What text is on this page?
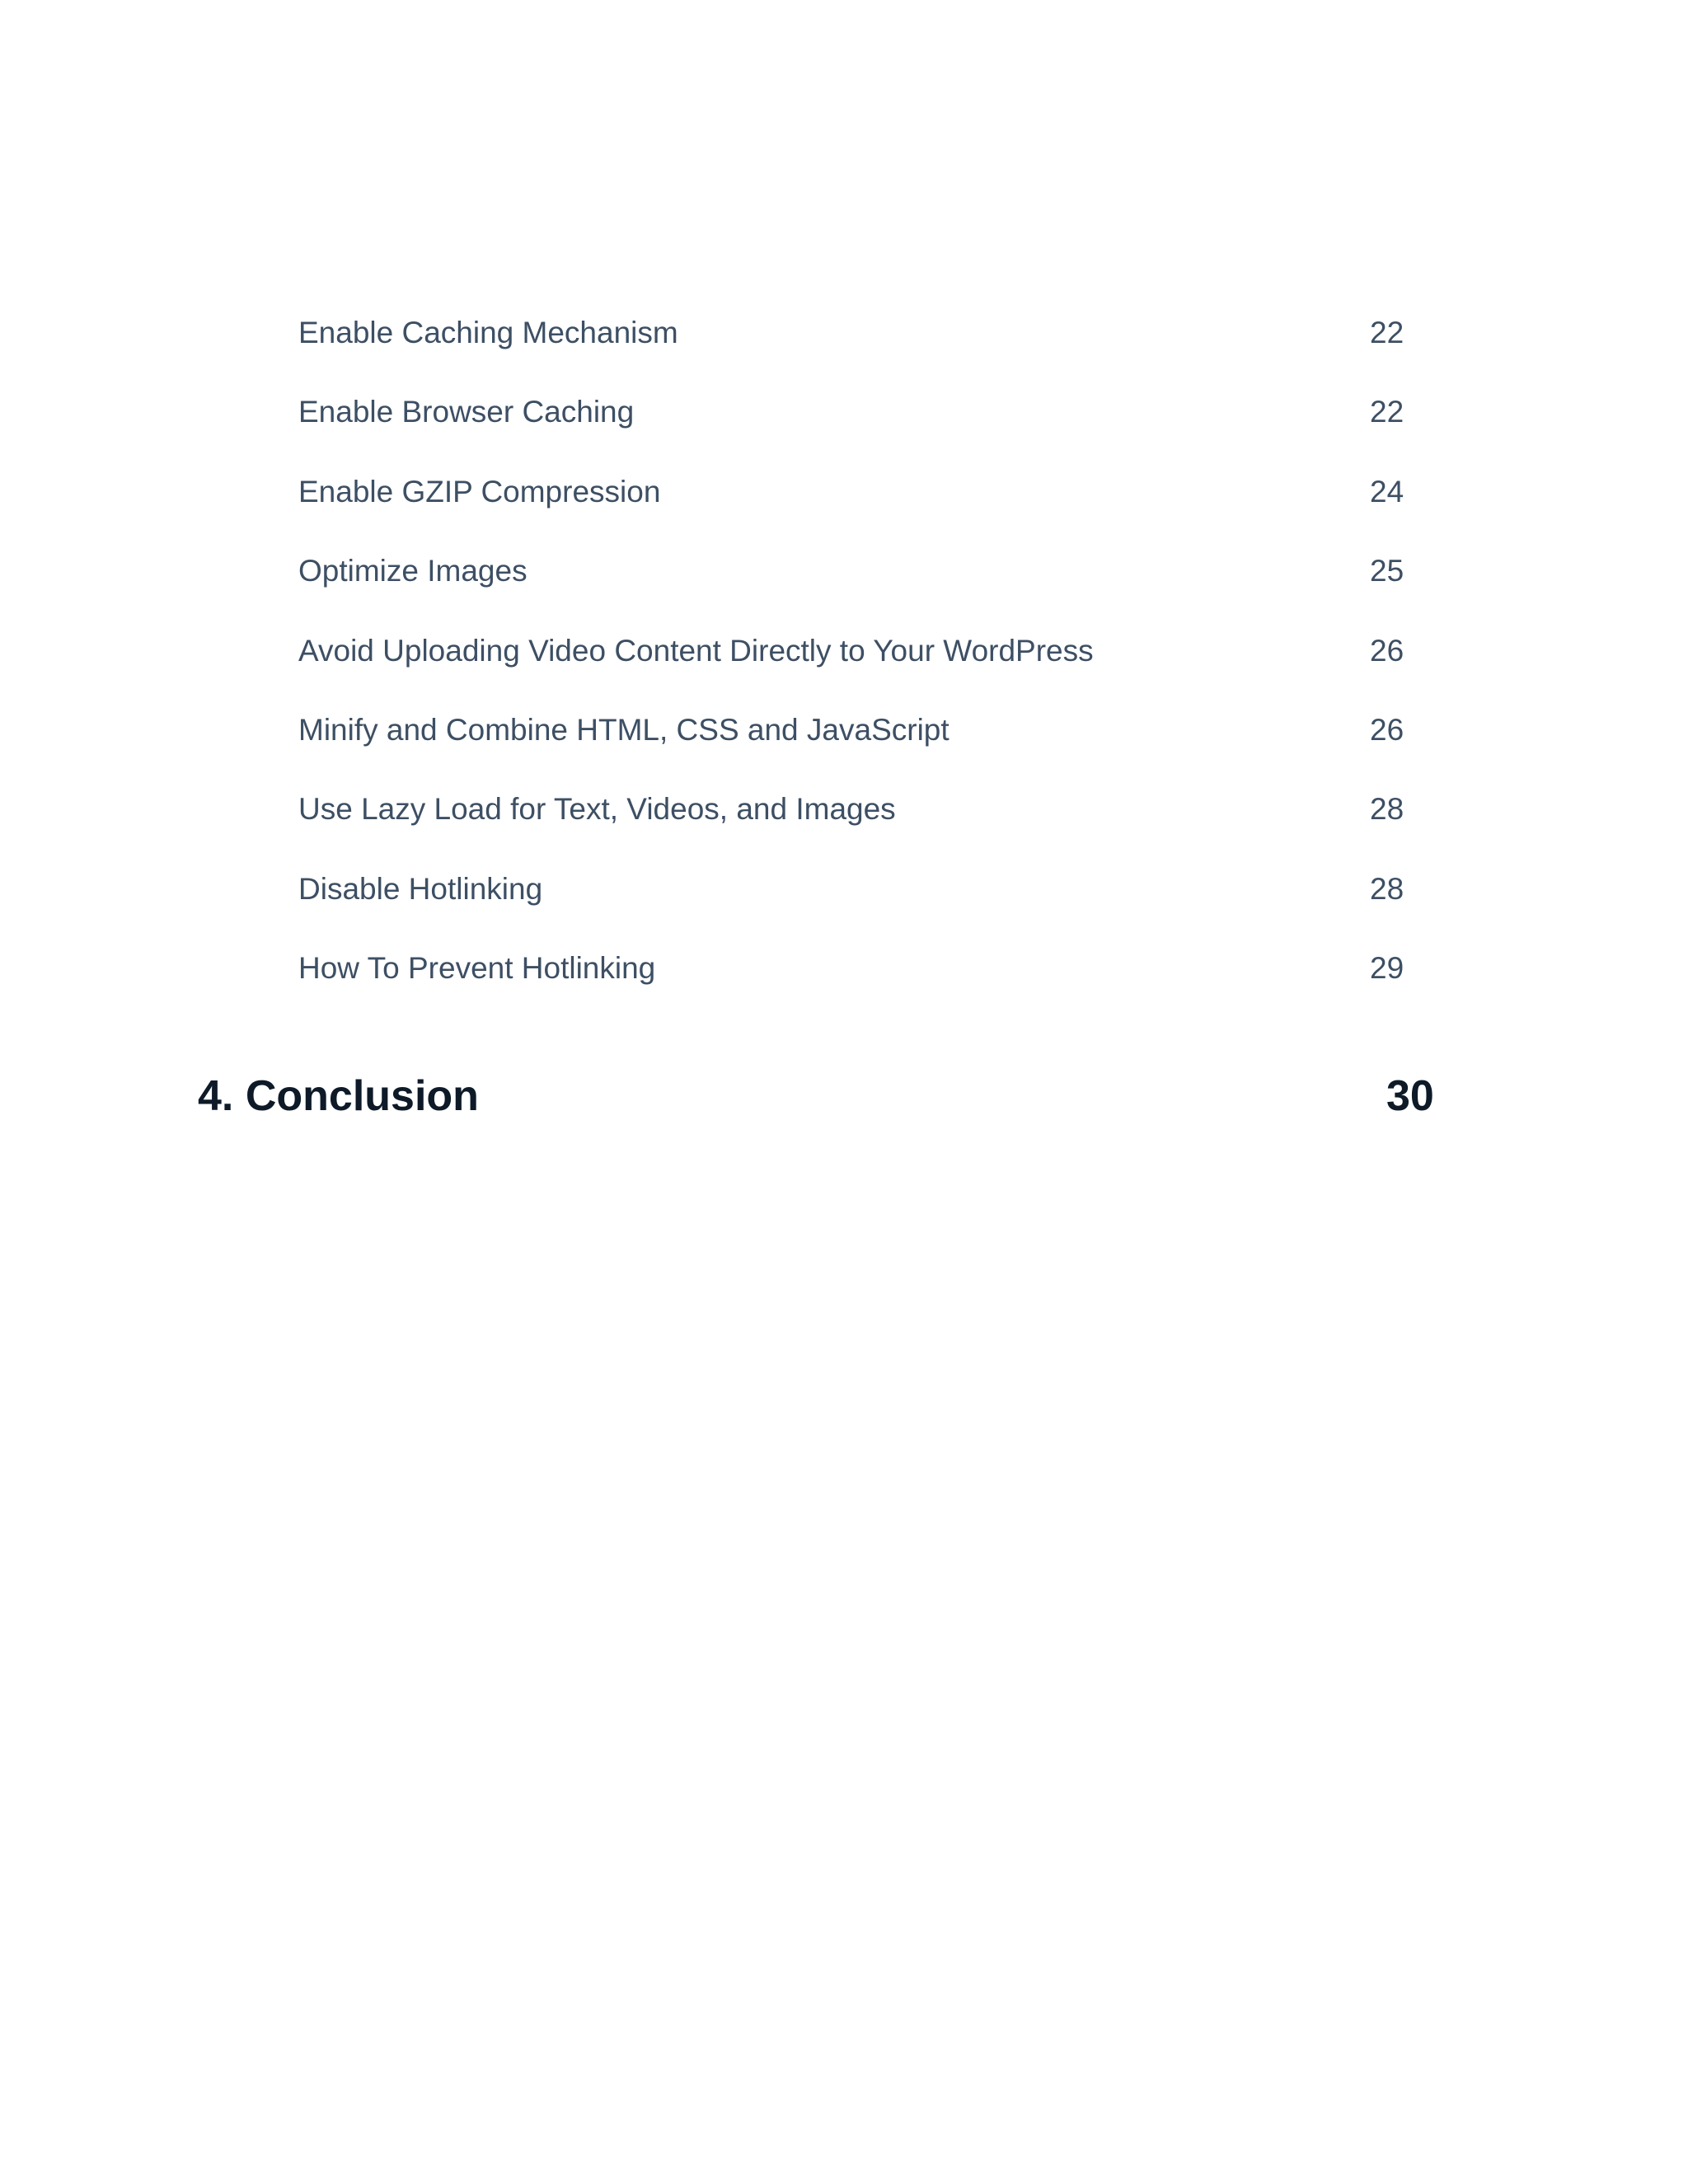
Enable Caching Mechanism	22
Enable Browser Caching	22
Enable GZIP Compression	24
Optimize Images	25
Avoid Uploading Video Content Directly to Your WordPress	26
Minify and Combine HTML, CSS and JavaScript	26
Use Lazy Load for Text, Videos, and Images	28
Disable Hotlinking	28
How To Prevent Hotlinking	29
4. Conclusion	30
